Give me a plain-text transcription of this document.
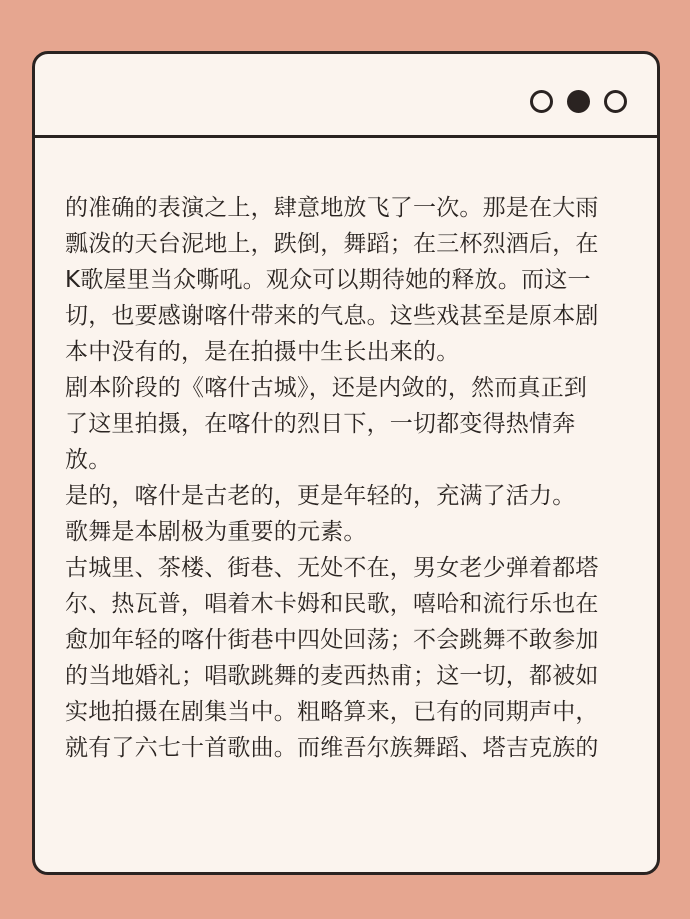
的准确的表演之上，肆意地放飞了一次。那是在大雨
瓢泼的天台泥地上，跌倒，舞蹈；在三杯烈酒后，在
K歌屋里当众嘶吼。观众可以期待她的释放。而这一
切，也要感谢喀什带来的气息。这些戏甚至是原本剧
本中没有的，是在拍摄中生长出来的。
剧本阶段的《喀什古城》，还是内敛的，然而真正到
了这里拍摄，在喀什的烈日下，一切都变得热情奔
放。
是的，喀什是古老的，更是年轻的，充满了活力。
歌舞是本剧极为重要的元素。
古城里、茶楼、街巷、无处不在，男女老少弹着都塔
尔、热瓦普，唱着木卡姆和民歌，嘻哈和流行乐也在
愈加年轻的喀什街巷中四处回荡；不会跳舞不敢参加
的当地婚礼；唱歌跳舞的麦西热甫；这一切，都被如
实地拍摄在剧集当中。粗略算来，已有的同期声中，
就有了六七十首歌曲。而维吾尔族舞蹈、塔吉克族的
